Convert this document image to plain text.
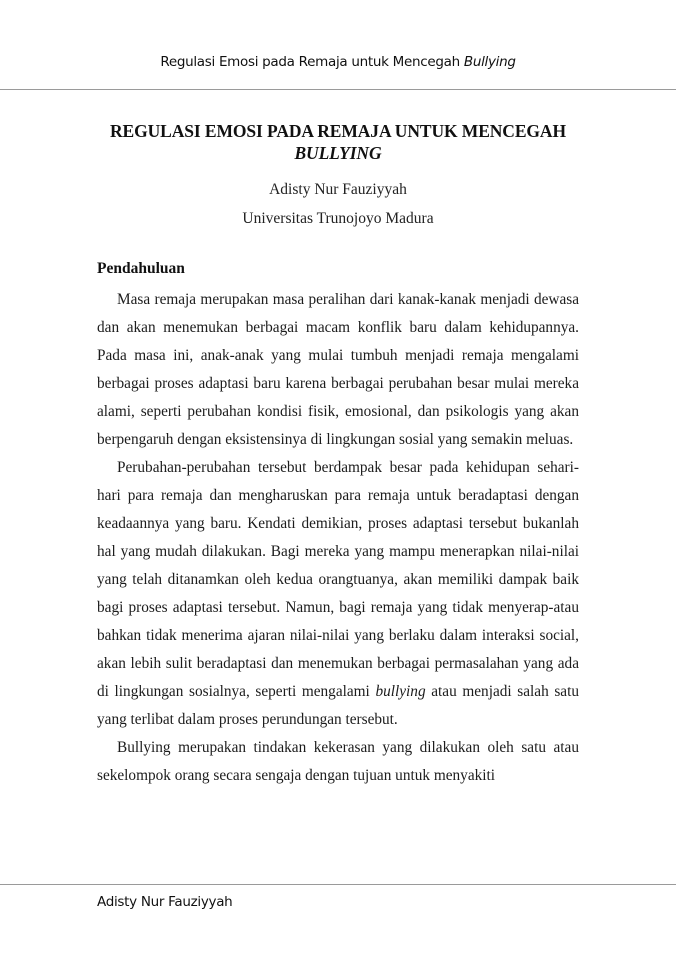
Regulasi Emosi pada Remaja untuk Mencegah Bullying
REGULASI EMOSI PADA REMAJA UNTUK MENCEGAH
BULLYING
Adisty Nur Fauziyyah
Universitas Trunojoyo Madura
Pendahuluan

Masa remaja merupakan masa peralihan dari kanak-kanak menjadi dewasa dan akan menemukan berbagai macam konflik baru dalam kehidupannya. Pada masa ini, anak-anak yang mulai tumbuh menjadi remaja mengalami berbagai proses adaptasi baru karena berbagai perubahan besar mulai mereka alami, seperti perubahan kondisi fisik, emosional, dan psikologis yang akan berpengaruh dengan eksistensinya di lingkungan sosial yang semakin meluas.

Perubahan-perubahan tersebut berdampak besar pada kehidupan sehari-hari para remaja dan mengharuskan para remaja untuk beradaptasi dengan keadaannya yang baru. Kendati demikian, proses adaptasi tersebut bukanlah hal yang mudah dilakukan. Bagi mereka yang mampu menerapkan nilai-nilai yang telah ditanamkan oleh kedua orangtuanya, akan memiliki dampak baik bagi proses adaptasi tersebut. Namun, bagi remaja yang tidak menyerap-atau bahkan tidak menerima ajaran nilai-nilai yang berlaku dalam interaksi social, akan lebih sulit beradaptasi dan menemukan berbagai permasalahan yang ada di lingkungan sosialnya, seperti mengalami bullying atau menjadi salah satu yang terlibat dalam proses perundungan tersebut.

Bullying merupakan tindakan kekerasan yang dilakukan oleh satu atau sekelompok orang secara sengaja dengan tujuan untuk menyakiti

Adisty Nur Fauziyyah
